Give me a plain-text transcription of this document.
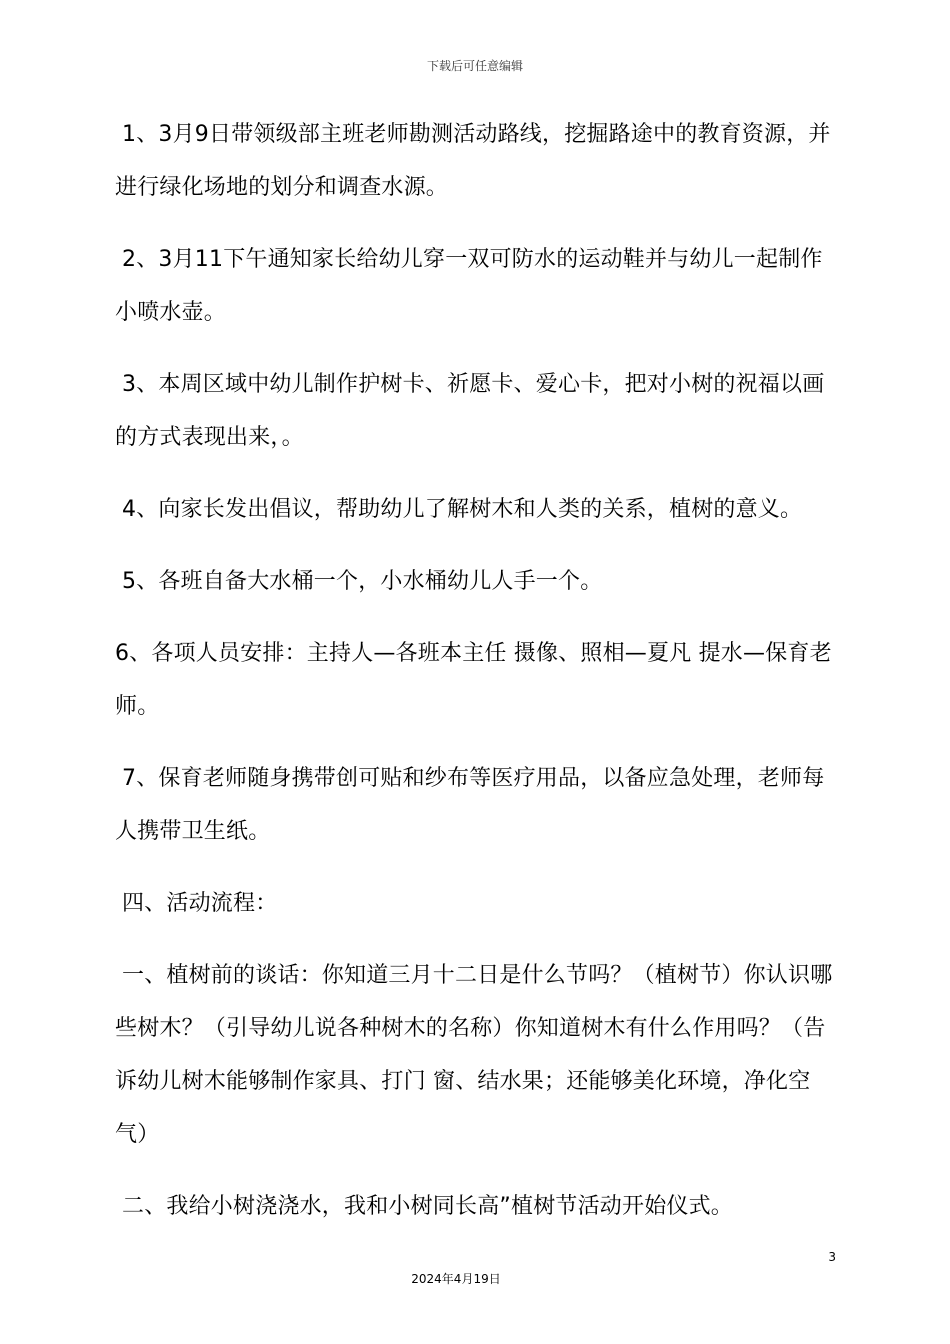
下载后可任意编辑

1、3月9日带领级部主班老师勘测活动路线，挖掘路途中的教育资源，并进行绿化场地的划分和调查水源。

2、3月11下午通知家长给幼儿穿一双可防水的运动鞋并与幼儿一起制作小喷水壶。

3、本周区域中幼儿制作护树卡、祈愿卡、爱心卡，把对小树的祝福以画的方式表现出来，。

4、向家长发出倡议，帮助幼儿了解树木和人类的关系，植树的意义。

5、各班自备大水桶一个，小水桶幼儿人手一个。

6、各项人员安排：主持人—各班本主任 摄像、照相—夏凡 提水—保育老师。

7、保育老师随身携带创可贴和纱布等医疗用品，以备应急处理，老师每人携带卫生纸。

四、活动流程：

一、植树前的谈话：你知道三月十二日是什么节吗？（植树节）你认识哪些树木？（引导幼儿说各种树木的名称）你知道树木有什么作用吗？（告诉幼儿树木能够制作家具、打门 窗、结水果；还能够美化环境，净化空气）

二、我给小树浇浇水，我和小树同长高”植树节活动开始仪式。

3
2024年4月19日
